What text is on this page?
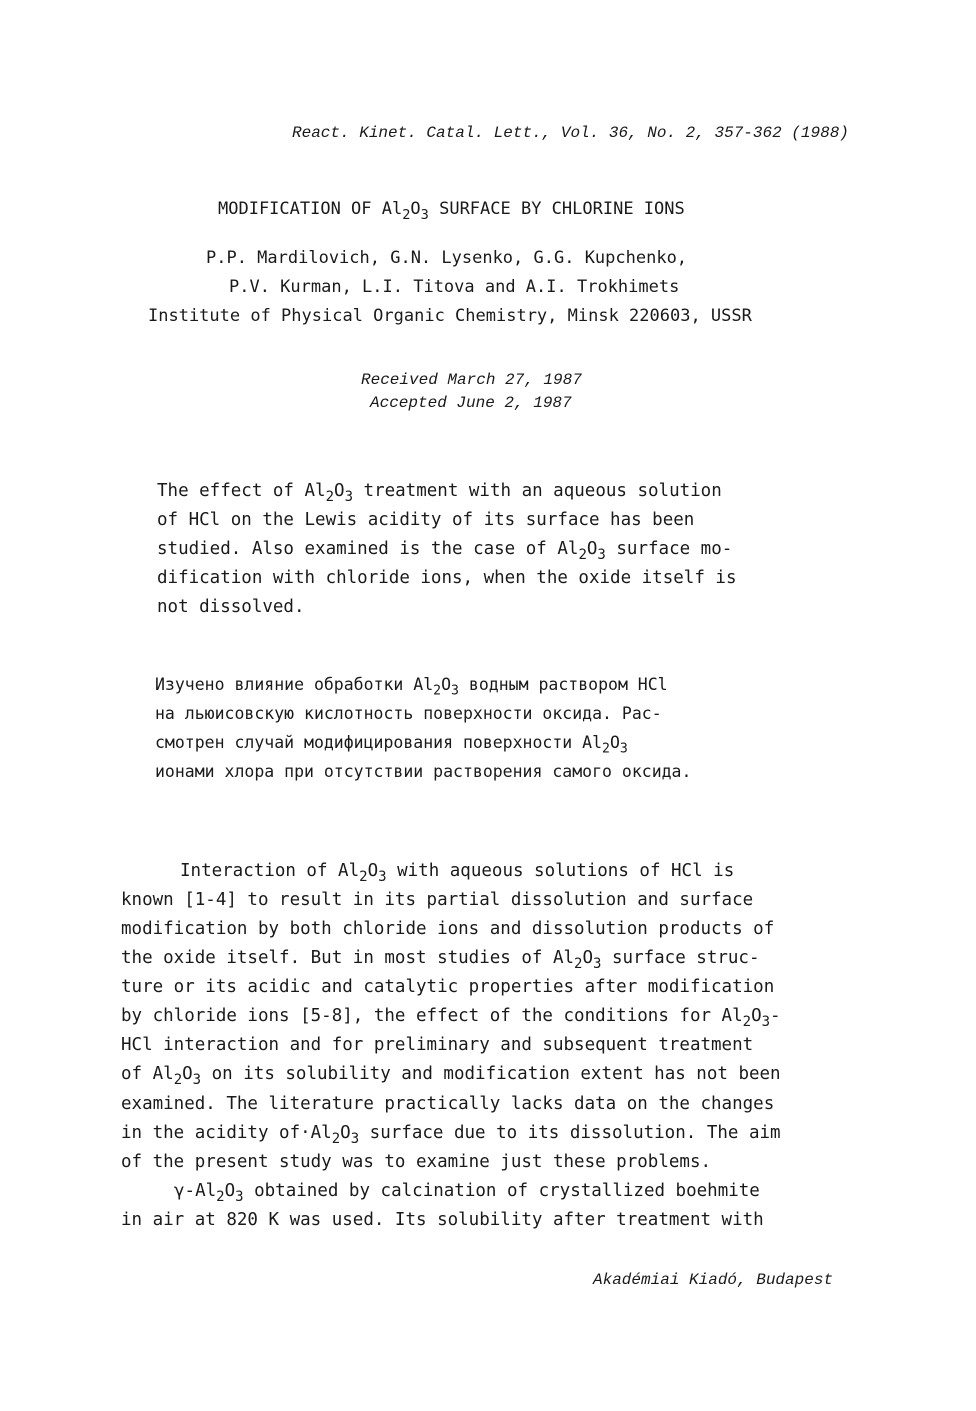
React. Kinet. Catal. Lett., Vol. 36, No. 2, 357-362 (1988)
MODIFICATION OF $Al_2O_3$ SURFACE BY CHLORINE IONS
P.P. Mardilovich, G.N. Lysenko, G.G. Kupchenko,
P.V. Kurman, L.I. Titova and A.I. Trokhimets
Institute of Physical Organic Chemistry, Minsk 220603, USSR
Received March 27, 1987
Accepted June 2, 1987
The effect of $Al_2O_3$ treatment with an aqueous solution
of HCl on the Lewis acidity of its surface has been
studied. Also examined is the case of $Al_2O_3$ surface mo-
dification with chloride ions, when the oxide itself is
not dissolved.
Изучено влияние обработки $Al_2O_3$ водным раствором HCl
на льюисовскую кислотность поверхности оксида. Рас-
смотрен случай модифицирования поверхности $Al_2O_3$
ионами хлора при отсутствии растворения самого оксида.
Interaction of $Al_2O_3$ with aqueous solutions of HCl is
known [1-4] to result in its partial dissolution and surface
modification by both chloride ions and dissolution products of
the oxide itself. But in most studies of $Al_2O_3$ surface struc-
ture or its acidic and catalytic properties after modification
by chloride ions [5-8], the effect of the conditions for $Al_2O_3-$
HCl interaction and for preliminary and subsequent treatment
of $Al_2O_3$ on its solubility and modification extent has not been
examined. The literature practically lacks data on the changes
in the acidity $of\cdot Al_2O_3$ surface due to its dissolution. The aim
of the present study was to examine just these problems.
$\gamma-Al_2O_3$ obtained by calcination of crystallized boehmite
in air at 820 K was used. Its solubility after treatment with
Akadémiai Kiadó, Budapest
